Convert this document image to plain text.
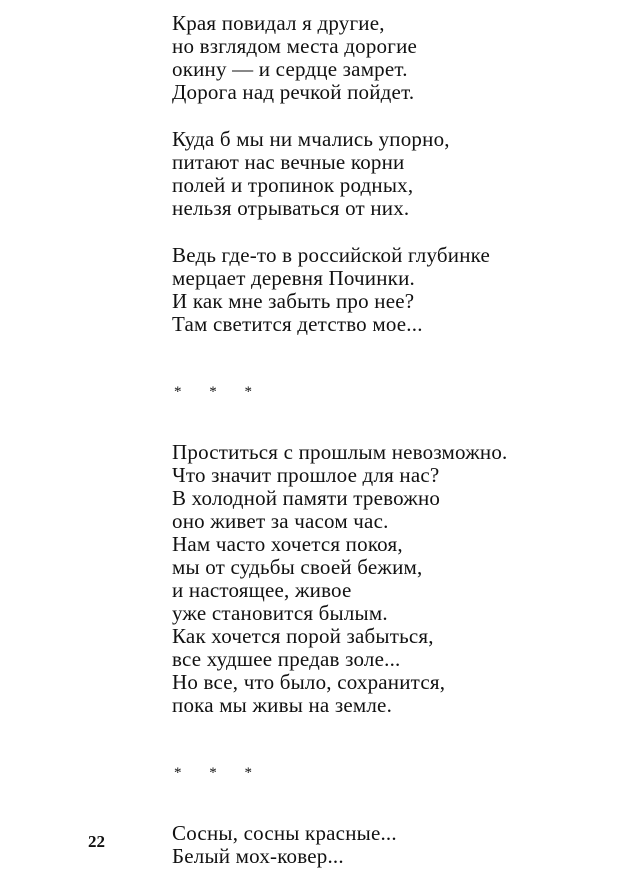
Края повидал я другие,
но взглядом места дорогие
окину — и сердце замрет.
Дорога над речкой пойдет.
Куда б мы ни мчались упорно,
питают нас вечные корни
полей и тропинок родных,
нельзя отрываться от них.
Ведь где-то в российской глубинке
мерцает деревня Починки.
И как мне забыть про нее?
Там светится детство мое...
* * *
Проститься с прошлым невозможно.
Что значит прошлое для нас?
В холодной памяти тревожно
оно живет за часом час.
Нам часто хочется покоя,
мы от судьбы своей бежим,
и настоящее, живое
уже становится былым.
Как хочется порой забыться,
все худшее предав золе...
Но все, что было, сохранится,
пока мы живы на земле.
* * *
Сосны, сосны красные...
Белый мох-ковер...
22
